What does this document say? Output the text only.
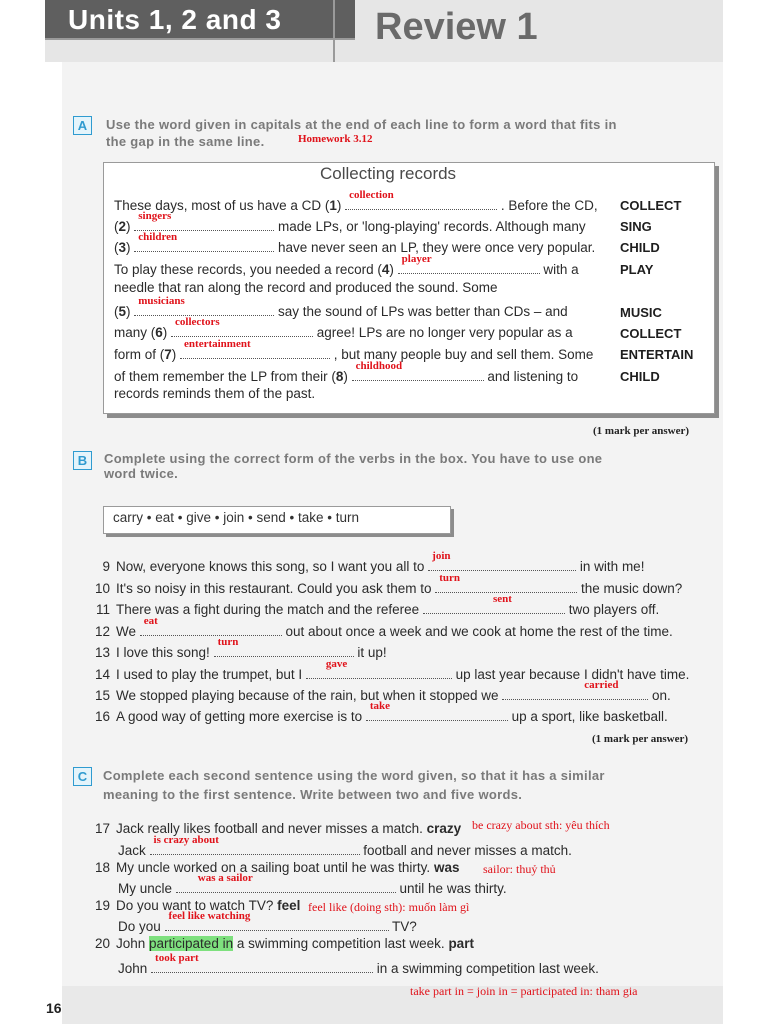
Units 1, 2 and 3 Review 1
A	Use the word given in capitals at the end of each line to form a word that fits in
the gap in the same line.	Homework 3.12
Collecting records
These days, most of us have a CD (1)
collection
. Before the CD,
(2)
singers
made LPs, or 'long-playing' records. Although many
(3)
children
have never seen an LP, they were once very popular.
To play these records, you needed a record (4)
player
with a
needle that ran along the record and produced the sound. Some
(5)
musicians
say the sound of LPs was better than CDs – and
many (6)
collectors
agree! LPs are no longer very popular as a
form of (7)
entertainment
, but many people buy and sell them. Some
of them remember the LP from their (8)
childhood
and listening to
records reminds them of the past.
COLLECT
SING
CHILD
PLAY
MUSIC
COLLECT
ENTERTAIN
CHILD
(1 mark per answer)
B	Complete using the correct form of the verbs in the box. You have to use one
word twice.
carry • eat • give • join • send • take • turn
9 Now, everyone knows this song, so I want you all to
join
in with me!
10 It's so noisy in this restaurant. Could you ask them to
turn
the music down?
11 There was a fight during the match and the referee
sent
two players off.
12 We
eat
out about once a week and we cook at home the rest of the time.
13 I love this song!
turn
it up!
14 I used to play the trumpet, but I
gave
up last year because I didn't have time.
15 We stopped playing because of the rain, but when it stopped we
carried
on.
16 A good way of getting more exercise is to
take
up a sport, like basketball.
(1 mark per answer)
C	Complete each second sentence using the word given, so that it has a similar
meaning to the first sentence. Write between two and five words.
17 Jack really likes football and never misses a match. crazy be crazy about sth: yêu thích
Jack
is crazy about
football and never misses a match.
18 My uncle worked on a sailing boat until he was thirty. was sailor: thuỷ thủ
My uncle
was a sailor
until he was thirty.
19 Do you want to watch TV? feel feel like (doing sth): muốn làm gì
Do you
feel like watching
TV?
20 John participated in a swimming competition last week. part
John
took part
in a swimming competition last week.
take part in = join in = participated in: tham gia
16
